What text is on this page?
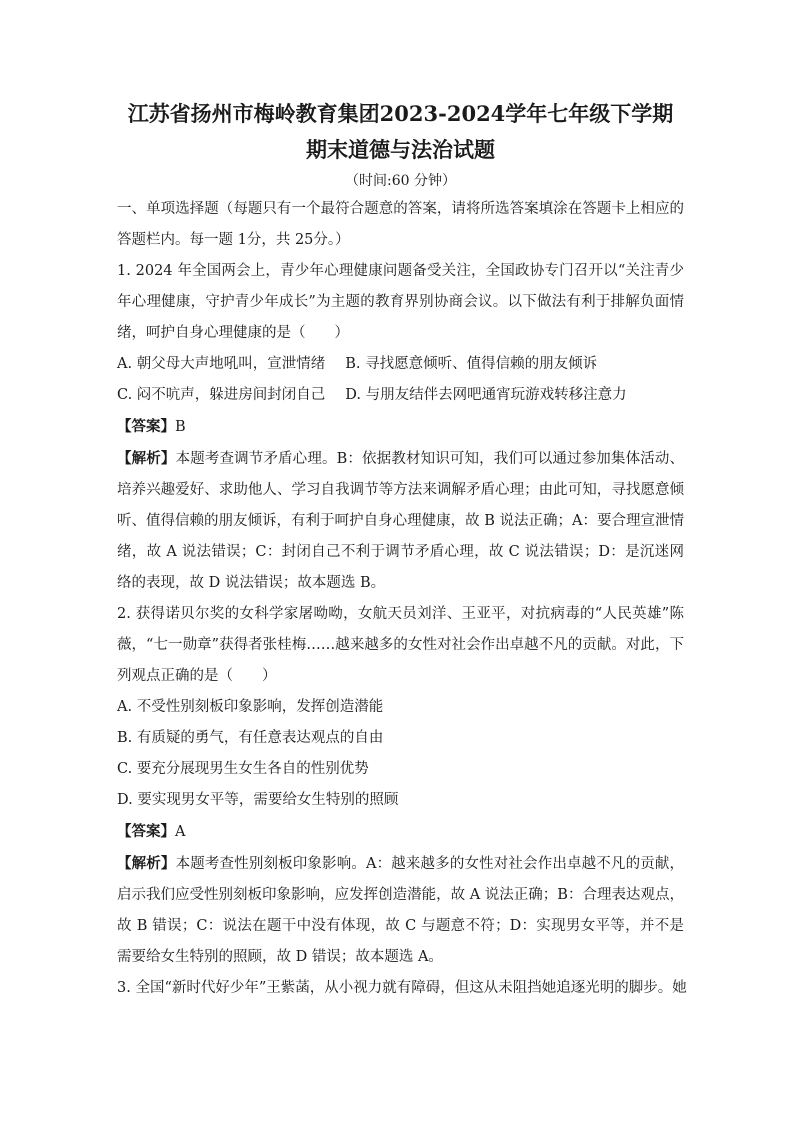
江苏省扬州市梅岭教育集团2023-2024学年七年级下学期
期末道德与法治试题
（时间:60 分钟）

一、单项选择题（每题只有一个最符合题意的答案，请将所选答案填涂在答题卡上相应的答题栏内。每一题 1分，共 25分。）

1. 2024 年全国两会上，青少年心理健康问题备受关注，全国政协专门召开以“关注青少年心理健康，守护青少年成长”为主题的教育界别协商会议。以下做法有利于排解负面情绪，呵护自身心理健康的是（　　）

A. 朝父母大声地吼叫，宣泄情绪 B. 寻找愿意倾听、值得信赖的朋友倾诉
C. 闷不吭声，躲进房间封闭自己 D. 与朋友结伴去网吧通宵玩游戏转移注意力

【答案】B

【解析】本题考查调节矛盾心理。B：依据教材知识可知，我们可以通过参加集体活动、培养兴趣爱好、求助他人、学习自我调节等方法来调解矛盾心理；由此可知，寻找愿意倾听、值得信赖的朋友倾诉，有利于呵护自身心理健康，故 B 说法正确；A：要合理宣泄情绪，故 A 说法错误；C：封闭自己不利于调节矛盾心理，故 C 说法错误；D：是沉迷网络的表现，故 D 说法错误；故本题选 B。

2. 获得诺贝尔奖的女科学家屠呦呦，女航天员刘洋、王亚平，对抗病毒的“人民英雄”陈薇，“七一勋章”获得者张桂梅……越来越多的女性对社会作出卓越不凡的贡献。对此，下列观点正确的是（　　）

A. 不受性别刻板印象影响，发挥创造潜能

B. 有质疑的勇气，有任意表达观点的自由

C. 要充分展现男生女生各自的性别优势

D. 要实现男女平等，需要给女生特别的照顾

【答案】A

【解析】本题考查性别刻板印象影响。A：越来越多的女性对社会作出卓越不凡的贡献，启示我们应受性别刻板印象影响，应发挥创造潜能，故 A 说法正确；B：合理表达观点，故 B 错误；C：说法在题干中没有体现，故 C 与题意不符；D：实现男女平等，并不是需要给女生特别的照顾，故 D 错误；故本题选 A。

3. 全国“新时代好少年”王紫菡，从小视力就有障碍，但这从未阻挡她追逐光明的脚步。她
